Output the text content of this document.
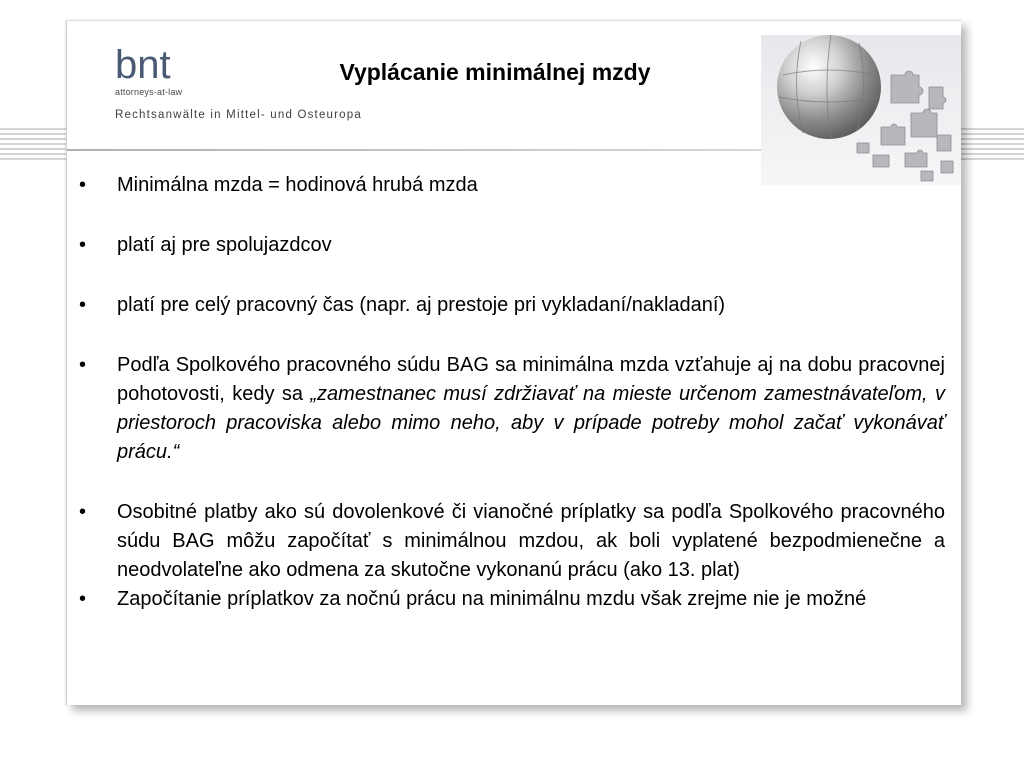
bnt
attorneys-at-law
Rechtsanwälte in Mittel- und Osteuropa
Vyplácanie minimálnej mzdy
• Minimálna mzda = hodinová hrubá mzda
• platí aj pre spolujazdcov
• platí pre celý pracovný čas (napr. aj prestoje pri vykladaní/nakladaní)
• Podľa Spolkového pracovného súdu BAG sa minimálna mzda vzťahuje aj na dobu pracovnej pohotovosti, kedy sa „zamestnanec musí zdržiavať na mieste určenom zamestnávateľom, v priestoroch pracoviska alebo mimo neho, aby v prípade potreby mohol začať vykonávať prácu.“
• Osobitné platby ako sú dovolenkové či vianočné príplatky sa podľa Spolkového pracovného súdu BAG môžu započítať s minimálnou mzdou, ak boli vyplatené bezpodmienečne a neodvolateľne ako odmena za skutočne vykonanú prácu (ako 13. plat)
• Započítanie príplatkov za nočnú prácu na minimálnu mzdu však zrejme nie je možné
